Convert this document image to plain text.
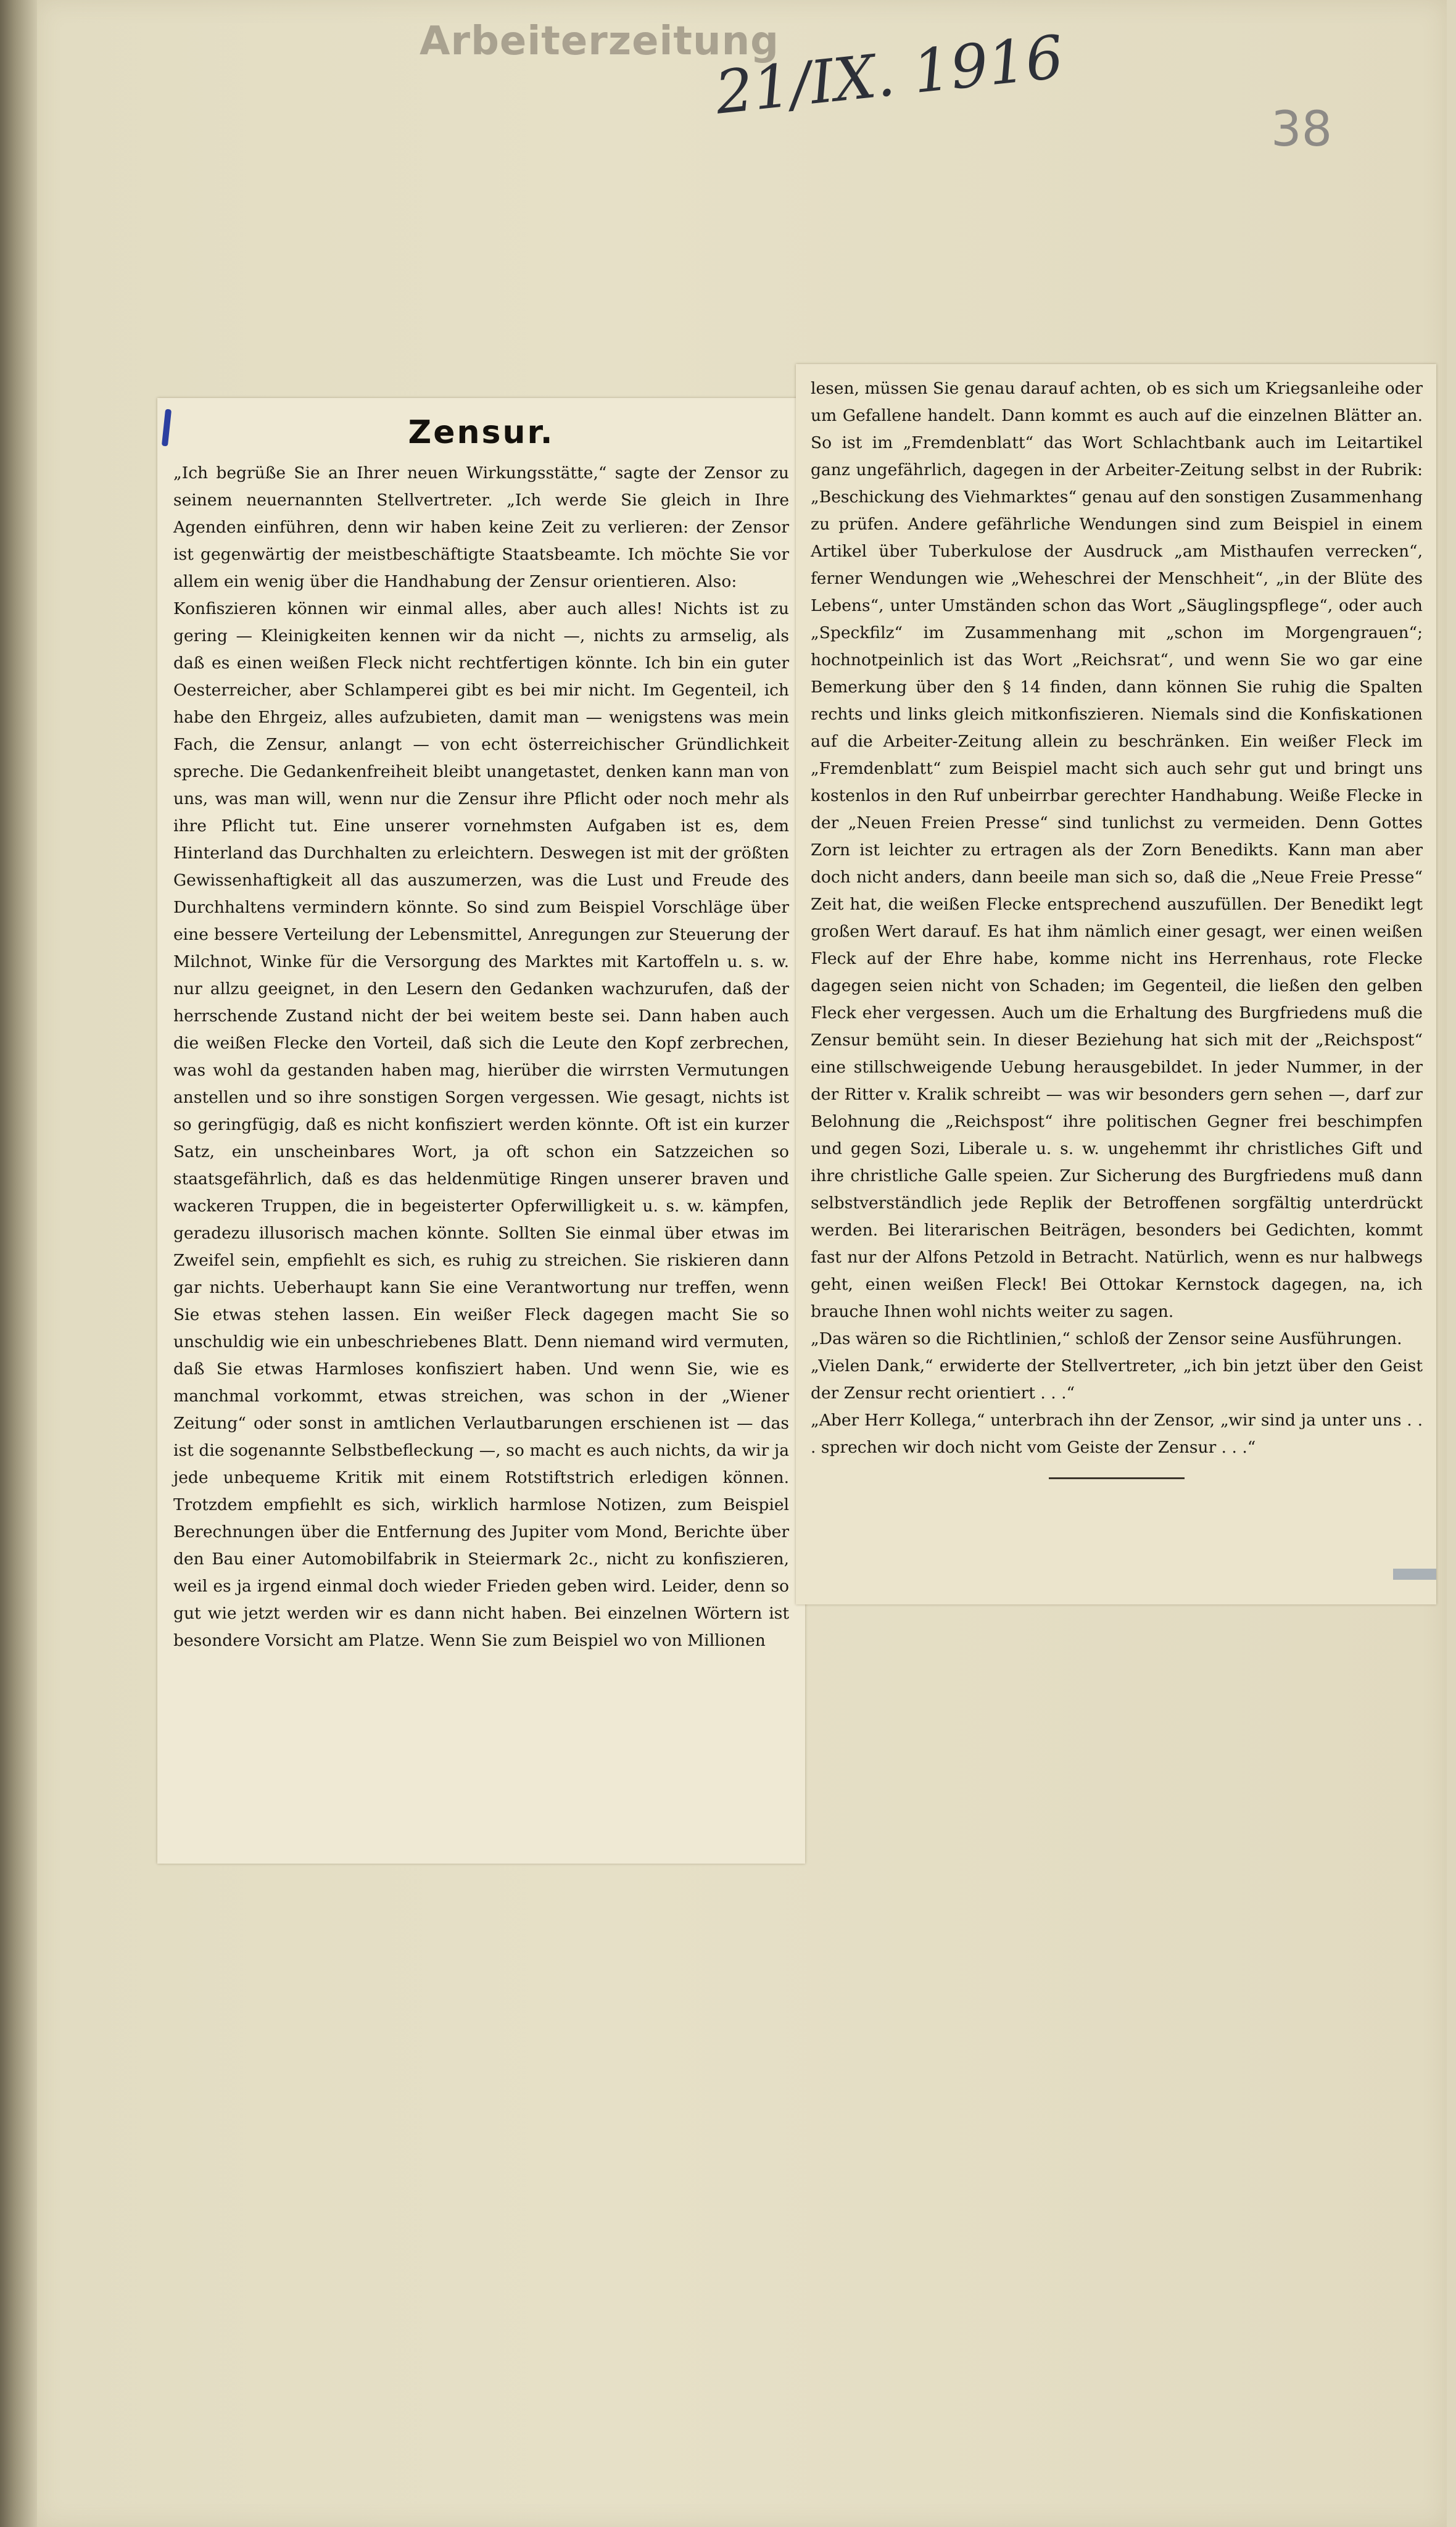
Arbeiterzeitung
21/IX. 1916
38
Zensur.

„Ich begrüße Sie an Ihrer neuen Wirkungsstätte,“ sagte der Zensor zu seinem neuernannten Stellvertreter. „Ich werde Sie gleich in Ihre Agenden einführen, denn wir haben keine Zeit zu verlieren: der Zensor ist gegenwärtig der meistbeschäftigte Staatsbeamte. Ich möchte Sie vor allem ein wenig über die Handhabung der Zensur orientieren. Also:
Konfiszieren können wir einmal alles, aber auch alles! Nichts ist zu gering — Kleinigkeiten kennen wir da nicht —, nichts zu armselig, als daß es einen weißen Fleck nicht rechtfertigen könnte. Ich bin ein guter Oesterreicher, aber Schlamperei gibt es bei mir nicht. Im Gegenteil, ich habe den Ehrgeiz, alles aufzubieten, damit man — wenigstens was mein Fach, die Zensur, anlangt — von echt österreichischer Gründlichkeit spreche. Die Gedankenfreiheit bleibt unangetastet, denken kann man von uns, was man will, wenn nur die Zensur ihre Pflicht oder noch mehr als ihre Pflicht tut. Eine unserer vornehmsten Aufgaben ist es, dem Hinterland das Durchhalten zu erleichtern. Deswegen ist mit der größten Gewissenhaftigkeit all das auszumerzen, was die Lust und Freude des Durchhaltens vermindern könnte. So sind zum Beispiel Vorschläge über eine bessere Verteilung der Lebensmittel, Anregungen zur Steuerung der Milchnot, Winke für die Versorgung des Marktes mit Kartoffeln u. s. w. nur allzu geeignet, in den Lesern den Gedanken wachzurufen, daß der herrschende Zustand nicht der bei weitem beste sei. Dann haben auch die weißen Flecke den Vorteil, daß sich die Leute den Kopf zerbrechen, was wohl da gestanden haben mag, hierüber die wirrsten Vermutungen anstellen und so ihre sonstigen Sorgen vergessen. Wie gesagt, nichts ist so geringfügig, daß es nicht konfisziert werden könnte. Oft ist ein kurzer Satz, ein unscheinbares Wort, ja oft schon ein Satzzeichen so staatsgefährlich, daß es das heldenmütige Ringen unserer braven und wackeren Truppen, die in begeisterter Opferwilligkeit u. s. w. kämpfen, geradezu illusorisch machen könnte. Sollten Sie einmal über etwas im Zweifel sein, empfiehlt es sich, es ruhig zu streichen. Sie riskieren dann gar nichts. Ueberhaupt kann Sie eine Verantwortung nur treffen, wenn Sie etwas stehen lassen. Ein weißer Fleck dagegen macht Sie so unschuldig wie ein unbeschriebenes Blatt. Denn niemand wird vermuten, daß Sie etwas Harmloses konfisziert haben. Und wenn Sie, wie es manchmal vorkommt, etwas streichen, was schon in der „Wiener Zeitung“ oder sonst in amtlichen Verlautbarungen erschienen ist — das ist die sogenannte Selbstbefleckung —, so macht es auch nichts, da wir ja jede unbequeme Kritik mit einem Rotstiftstrich erledigen können. Trotzdem empfiehlt es sich, wirklich harmlose Notizen, zum Beispiel Berechnungen über die Entfernung des Jupiter vom Mond, Berichte über den Bau einer Automobilfabrik in Steiermark 2c., nicht zu konfiszieren, weil es ja irgend einmal doch wieder Frieden geben wird. Leider, denn so gut wie jetzt werden wir es dann nicht haben. Bei einzelnen Wörtern ist besondere Vorsicht am Platze. Wenn Sie zum Beispiel wo von Millionen

lesen, müssen Sie genau darauf achten, ob es sich um Kriegsanleihe oder um Gefallene handelt. Dann kommt es auch auf die einzelnen Blätter an. So ist im „Fremdenblatt“ das Wort Schlachtbank auch im Leitartikel ganz ungefährlich, dagegen in der Arbeiter-Zeitung selbst in der Rubrik: „Beschickung des Viehmarktes“ genau auf den sonstigen Zusammenhang zu prüfen. Andere gefährliche Wendungen sind zum Beispiel in einem Artikel über Tuberkulose der Ausdruck „am Misthaufen verrecken“, ferner Wendungen wie „Weheschrei der Menschheit“, „in der Blüte des Lebens“, unter Umständen schon das Wort „Säuglingspflege“, oder auch „Speckfilz“ im Zusammenhang mit „schon im Morgengrauen“; hochnotpeinlich ist das Wort „Reichsrat“, und wenn Sie wo gar eine Bemerkung über den § 14 finden, dann können Sie ruhig die Spalten rechts und links gleich mitkonfiszieren. Niemals sind die Konfiskationen auf die Arbeiter-Zeitung allein zu beschränken. Ein weißer Fleck im „Fremdenblatt“ zum Beispiel macht sich auch sehr gut und bringt uns kostenlos in den Ruf unbeirrbar gerechter Handhabung. Weiße Flecke in der „Neuen Freien Presse“ sind tunlichst zu vermeiden. Denn Gottes Zorn ist leichter zu ertragen als der Zorn Benedikts. Kann man aber doch nicht anders, dann beeile man sich so, daß die „Neue Freie Presse“ Zeit hat, die weißen Flecke entsprechend auszufüllen. Der Benedikt legt großen Wert darauf. Es hat ihm nämlich einer gesagt, wer einen weißen Fleck auf der Ehre habe, komme nicht ins Herrenhaus, rote Flecke dagegen seien nicht von Schaden; im Gegenteil, die ließen den gelben Fleck eher vergessen. Auch um die Erhaltung des Burgfriedens muß die Zensur bemüht sein. In dieser Beziehung hat sich mit der „Reichspost“ eine stillschweigende Uebung herausgebildet. In jeder Nummer, in der der Ritter v. Kralik schreibt — was wir besonders gern sehen —, darf zur Belohnung die „Reichspost“ ihre politischen Gegner frei beschimpfen und gegen Sozi, Liberale u. s. w. ungehemmt ihr christliches Gift und ihre christliche Galle speien. Zur Sicherung des Burgfriedens muß dann selbstverständlich jede Replik der Betroffenen sorgfältig unterdrückt werden. Bei literarischen Beiträgen, besonders bei Gedichten, kommt fast nur der Alfons Petzold in Betracht. Natürlich, wenn es nur halbwegs geht, einen weißen Fleck! Bei Ottokar Kernstock dagegen, na, ich brauche Ihnen wohl nichts weiter zu sagen.
„Das wären so die Richtlinien,“ schloß der Zensor seine Ausführungen.
„Vielen Dank,“ erwiderte der Stellvertreter, „ich bin jetzt über den Geist der Zensur recht orientiert . . .“
„Aber Herr Kollega,“ unterbrach ihn der Zensor, „wir sind ja unter uns . . . sprechen wir doch nicht vom Geiste der Zensur . . .“
